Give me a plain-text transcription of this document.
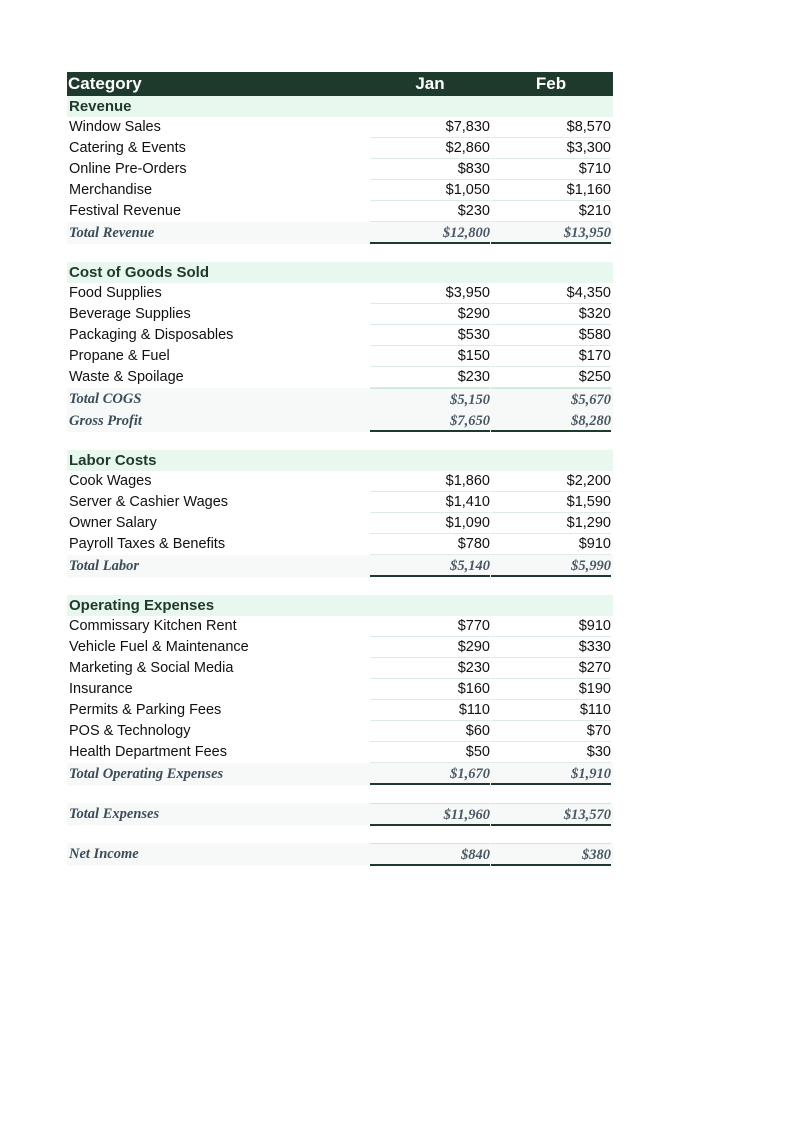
Category	Jan	Feb
Revenue
Window Sales	$7,830	$8,570
Catering & Events	$2,860	$3,300
Online Pre-Orders	$830	$710
Merchandise	$1,050	$1,160
Festival Revenue	$230	$210
Total Revenue	$12,800	$13,950
Cost of Goods Sold
Food Supplies	$3,950	$4,350
Beverage Supplies	$290	$320
Packaging & Disposables	$530	$580
Propane & Fuel	$150	$170
Waste & Spoilage	$230	$250
Total COGS	$5,150	$5,670
Gross Profit	$7,650	$8,280
Labor Costs
Cook Wages	$1,860	$2,200
Server & Cashier Wages	$1,410	$1,590
Owner Salary	$1,090	$1,290
Payroll Taxes & Benefits	$780	$910
Total Labor	$5,140	$5,990
Operating Expenses
Commissary Kitchen Rent	$770	$910
Vehicle Fuel & Maintenance	$290	$330
Marketing & Social Media	$230	$270
Insurance	$160	$190
Permits & Parking Fees	$110	$110
POS & Technology	$60	$70
Health Department Fees	$50	$30
Total Operating Expenses	$1,670	$1,910
Total Expenses	$11,960	$13,570
Net Income	$840	$380
